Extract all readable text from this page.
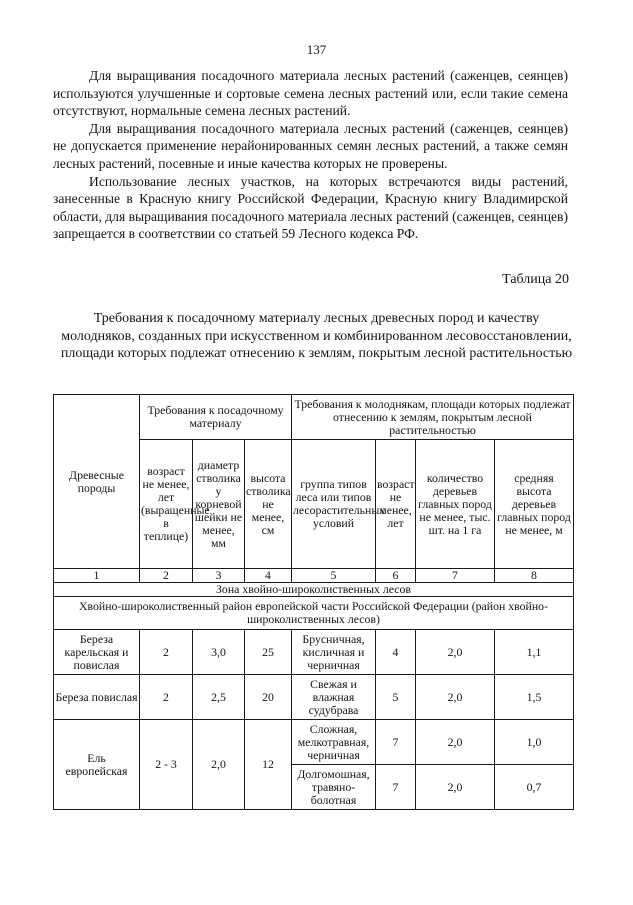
137

Для выращивания посадочного материала лесных растений (саженцев, сеянцев) используются улучшенные и сортовые семена лесных растений или, если такие семена отсутствуют, нормальные семена лесных растений.

Для выращивания посадочного материала лесных растений (саженцев, сеянцев) не допускается применение нерайонированных семян лесных растений, а также семян лесных растений, посевные и иные качества которых не проверены.

Использование лесных участков, на которых встречаются виды растений, занесенные в Красную книгу Российской Федерации, Красную книгу Владимирской области, для выращивания посадочного материала лесных растений (саженцев, сеянцев) запрещается в соответствии со статьей 59 Лесного кодекса РФ.

Таблица 20
Требования к посадочному материалу лесных древесных пород и качеству молодняков, созданных при искусственном и комбинированном лесовосстановлении, площади которых подлежат отнесению к землям, покрытым лесной растительностью
Древесные породы	Требования к посадочному материалу			Требования к молоднякам, площади которых подлежат отнесению к землям, покрытым лесной растительностью			
	возраст не менее, лет (выращенные в теплице)	диаметр стволика у корневой шейки не менее, мм	высота стволика не менее, см	группа типов леса или типов лесорастительных условий	возраст не менее, лет	количество деревьев главных пород не менее, тыс. шт. на 1 га	средняя высота деревьев главных пород не менее, м
1	2	3	4	5	6	7	8
Зона хвойно-широколиственных лесов							
Хвойно-широколиственный район европейской части Российской Федерации (район хвойно-широколиственных лесов)							
Береза карельская и повислая	2	3,0	25	Брусничная, кисличная и черничная	4	2,0	1,1
Береза повислая	2	2,5	20	Свежая и влажная судубрава	5	2,0	1,5
Ель европейская	2 - 3	2,0	12	Сложная, мелкотравная, черничная	7	2,0	1,0
				Долгомошная, травяно-болотная	7	2,0	0,7
